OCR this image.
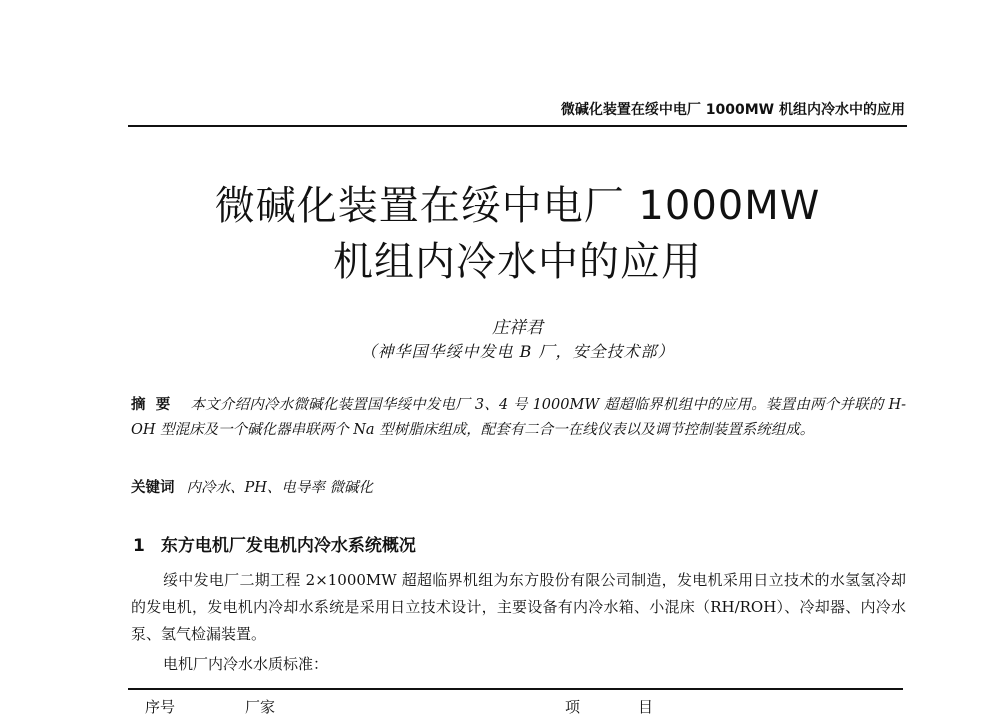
微碱化装置在绥中电厂 1000MW 机组内冷水中的应用
微碱化装置在绥中电厂 1000MW
机组内冷水中的应用
庄祥君
（神华国华绥中发电 B 厂，安全技术部）
摘要 本文介绍内冷水微碱化装置国华绥中发电厂 3、4 号 1000MW 超超临界机组中的应用。装置由两个并联的 H-OH 型混床及一个碱化器串联两个 Na 型树脂床组成，配套有二合一在线仪表以及调节控制装置系统组成。
关键词 内冷水、PH、电导率 微碱化
1 东方电机厂发电机内冷水系统概况
绥中发电厂二期工程 2×1000MW 超超临界机组为东方股份有限公司制造，发电机采用日立技术的水氢氢冷却的发电机，发电机内冷却水系统是采用日立技术设计，主要设备有内冷水箱、小混床（RH/ROH）、冷却器、内冷水泵、氢气检漏装置。
电机厂内冷水水质标准：
序号	厂家	项目
